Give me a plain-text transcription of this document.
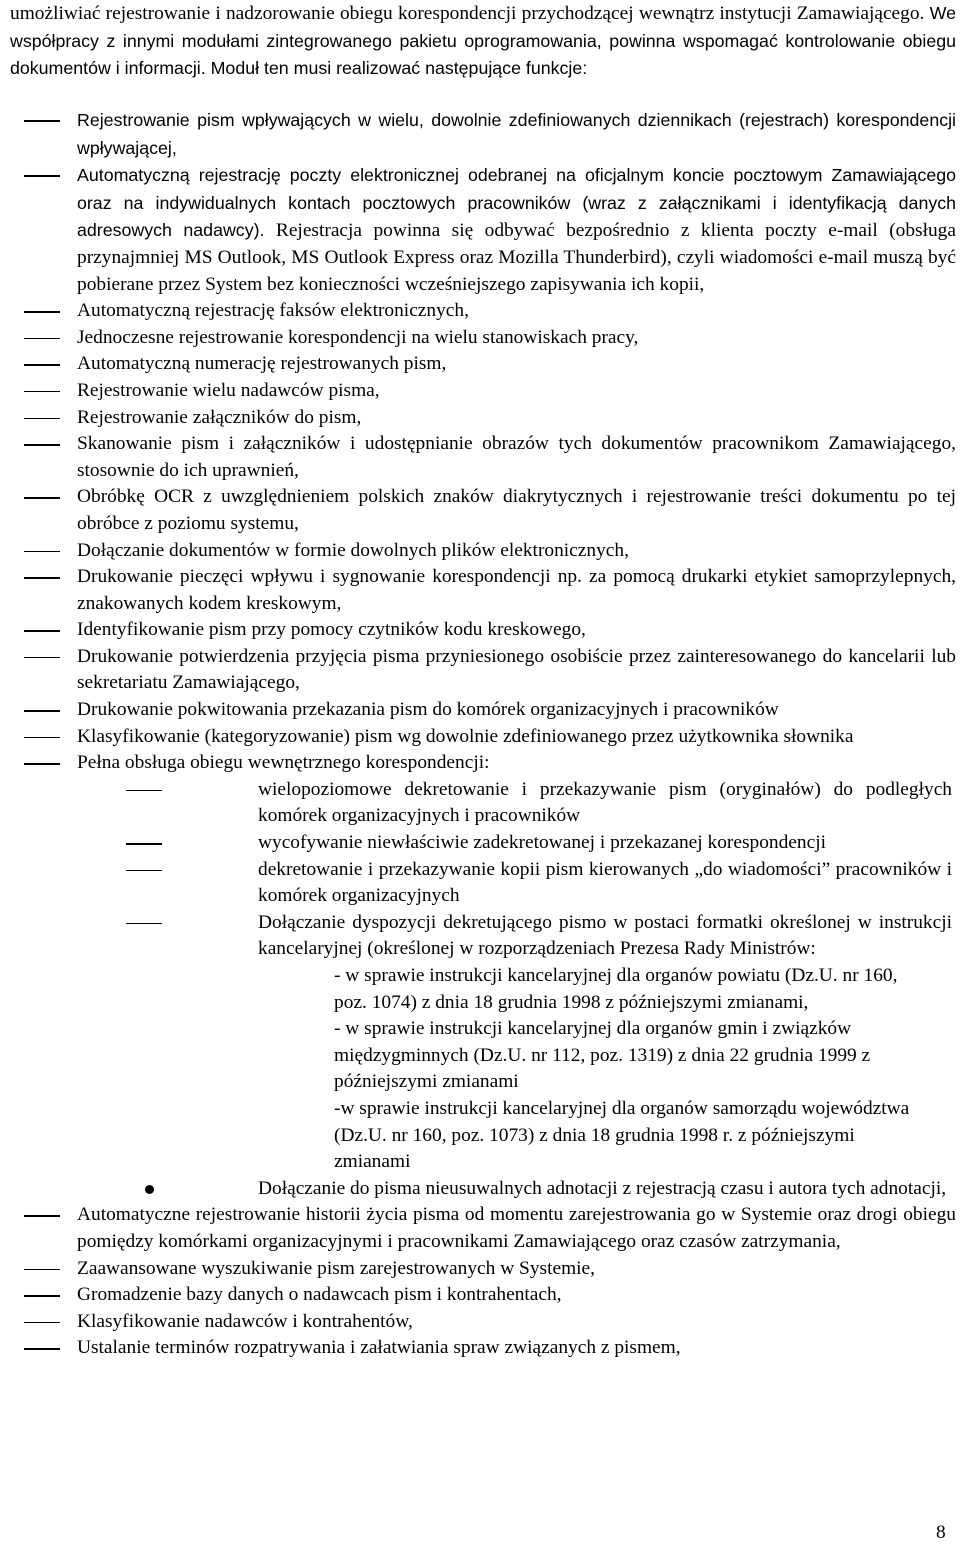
umożliwiać rejestrowanie i nadzorowanie obiegu korespondencji przychodzącej wewnątrz instytucji Zamawiającego. We współpracy z innymi modułami zintegrowanego pakietu oprogramowania, powinna wspomagać kontrolowanie obiegu dokumentów i informacji. Moduł ten musi realizować następujące funkcje:

Rejestrowanie pism wpływających w wielu, dowolnie zdefiniowanych dziennikach (rejestrach) korespondencji wpływającej,
Automatyczną rejestrację poczty elektronicznej odebranej na oficjalnym koncie pocztowym Zamawiającego oraz na indywidualnych kontach pocztowych pracowników (wraz z załącznikami i identyfikacją danych adresowych nadawcy). Rejestracja powinna się odbywać bezpośrednio z klienta poczty e-mail (obsługa przynajmniej MS Outlook, MS Outlook Express oraz Mozilla Thunderbird), czyli wiadomości e-mail muszą być pobierane przez System bez konieczności wcześniejszego zapisywania ich kopii,
Automatyczną rejestrację faksów elektronicznych,
Jednoczesne rejestrowanie korespondencji na wielu stanowiskach pracy,
Automatyczną numerację rejestrowanych pism,
Rejestrowanie wielu nadawców pisma,
Rejestrowanie załączników do pism,
Skanowanie pism i załączników i udostępnianie obrazów tych dokumentów pracownikom Zamawiającego, stosownie do ich uprawnień,
Obróbkę OCR z uwzględnieniem polskich znaków diakrytycznych i rejestrowanie treści dokumentu po tej obróbce z poziomu systemu,
Dołączanie dokumentów w formie dowolnych plików elektronicznych,
Drukowanie pieczęci wpływu i sygnowanie korespondencji np. za pomocą drukarki etykiet samoprzylepnych, znakowanych kodem kreskowym,
Identyfikowanie pism przy pomocy czytników kodu kreskowego,
Drukowanie potwierdzenia przyjęcia pisma przyniesionego osobiście przez zainteresowanego do kancelarii lub sekretariatu Zamawiającego,
Drukowanie pokwitowania przekazania pism do komórek organizacyjnych i pracowników
Klasyfikowanie (kategoryzowanie) pism wg dowolnie zdefiniowanego przez użytkownika słownika
Pełna obsługa obiegu wewnętrznego korespondencji:
wielopoziomowe dekretowanie i przekazywanie pism (oryginałów) do podległych komórek organizacyjnych i pracowników
wycofywanie niewłaściwie zadekretowanej i przekazanej korespondencji
dekretowanie i przekazywanie kopii pism kierowanych „do wiadomości” pracowników i komórek organizacyjnych
Dołączanie dyspozycji dekretującego pismo w postaci formatki określonej w instrukcji kancelaryjnej (określonej w rozporządzeniach Prezesa Rady Ministrów:
- w sprawie instrukcji kancelaryjnej dla organów powiatu (Dz.U. nr 160, poz. 1074) z dnia 18 grudnia 1998 z późniejszymi zmianami,
- w sprawie instrukcji kancelaryjnej dla organów gmin i związków międzygminnych (Dz.U. nr 112, poz. 1319) z dnia 22 grudnia 1999 z późniejszymi zmianami
-w sprawie instrukcji kancelaryjnej dla organów samorządu województwa (Dz.U. nr 160, poz. 1073) z dnia 18 grudnia 1998 r. z późniejszymi zmianami
Dołączanie do pisma nieusuwalnych adnotacji z rejestracją czasu i autora tych adnotacji,
Automatyczne rejestrowanie historii życia pisma od momentu zarejestrowania go w Systemie oraz drogi obiegu pomiędzy komórkami organizacyjnymi i pracownikami Zamawiającego oraz czasów zatrzymania,
Zaawansowane wyszukiwanie pism zarejestrowanych w Systemie,
Gromadzenie bazy danych o nadawcach pism i kontrahentach,
Klasyfikowanie nadawców i kontrahentów,
Ustalanie terminów rozpatrywania i załatwiania spraw związanych z pismem,
8
